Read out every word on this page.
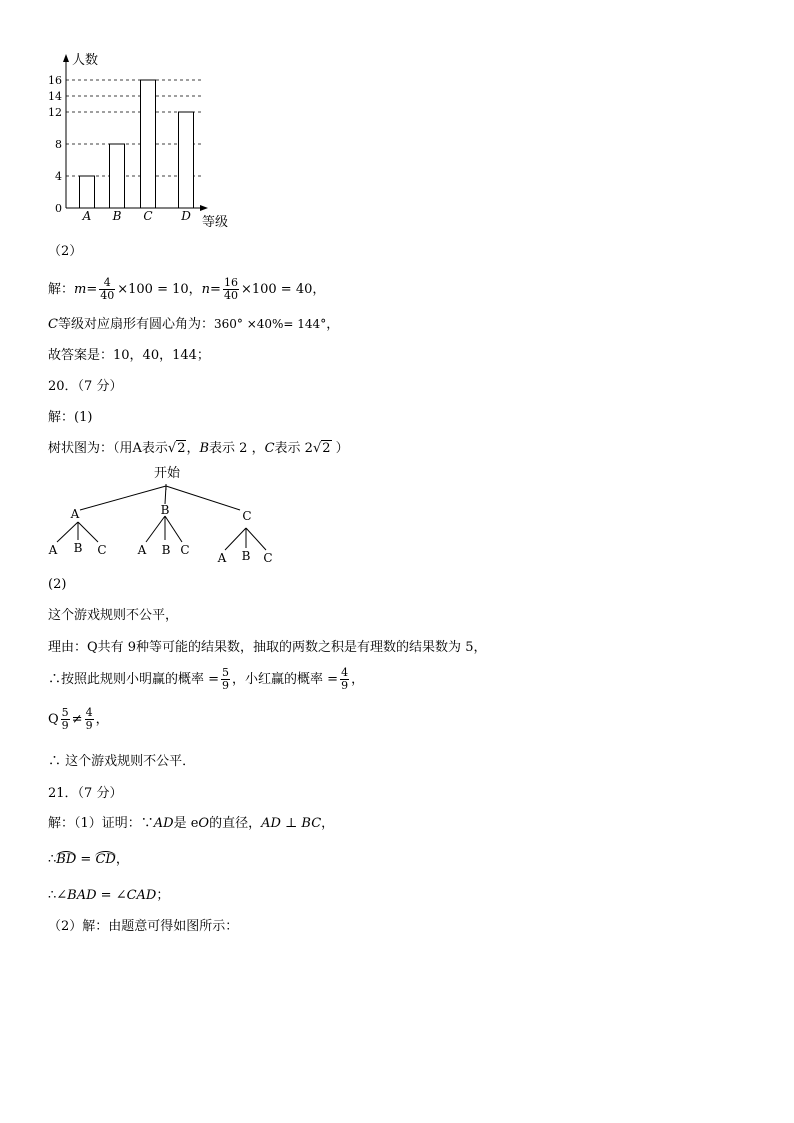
0
4
8
12
14
16
A B C D
人数
等级
（2）
解：$m= \frac{4}{40} \times 100 = 10$，$n= \frac{16}{40} \times 100 = 40$，
C等级对应扇形有圆心角为：360° ×40%= 144°，
故答案是：10，40，144；
20．（7 分）
解：(1)
树状图为：（用A表示√2，B表示 2 ，C表示 2√2 ）
开始
A	B	C
A B C	A B C
A B C
(2)
这个游戏规则不公平，
理由：Q共有 9种等可能的结果数，抽取的两数之积是有理数的结果数为 5，
∴按照此规则小明赢的概率 = $\frac{5}{9}$ ，小红赢的概率 = $\frac{4}{9}$ ，
Q $\frac{5}{9} \ne \frac{4}{9}$ ，
∴ 这个游戏规则不公平．
21．（7 分）
解：（1）证明：∵AD是 eO的直径，AD ⊥ BC，
∴BD = CD，
∴∠BAD = ∠CAD；
（2）解：由题意可得如图所示：
